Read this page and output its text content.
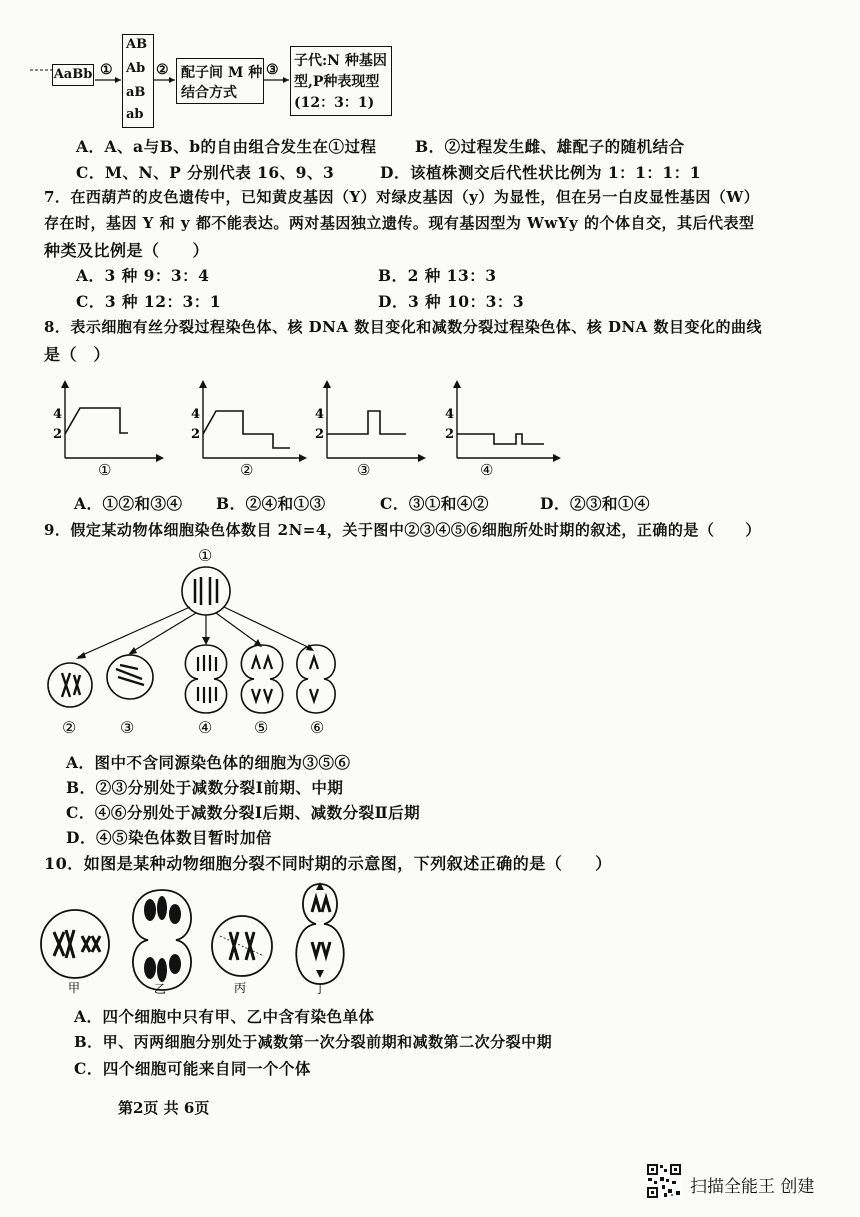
AaBb ①
AB
Ab
aB
ab
② 配子间 M 种
结合方式
③
子代:N 种基因
型,P种表现型
(12：3：1)
A．A、a与B、b的自由组合发生在①过程 B．②过程发生雌、雄配子的随机结合
C．M、N、P 分别代表 16、9、3	D．该植株测交后代性状比例为 1：1：1：1
7．在西葫芦的皮色遗传中，已知黄皮基因（Y）对绿皮基因（y）为显性，但在另一白皮显性基因（W）
存在时，基因 Y 和 y 都不能表达。两对基因独立遗传。现有基因型为 WwYy 的个体自交，其后代表型
种类及比例是（　　）
A．3 种 9：3：4	B．2 种 13：3
C．3 种 12：3：1	D．3 种 10：3：3
8．表示细胞有丝分裂过程染色体、核 DNA 数目变化和减数分裂过程染色体、核 DNA 数目变化的曲线
是（　）
4
2
①
4
2
②
4
2
③
4
2
④
A．①②和③④ B．②④和①③	C．③①和④②	D．②③和①④
9．假定某动物体细胞染色体数目 2N=4，关于图中②③④⑤⑥细胞所处时期的叙述，正确的是（　　）
①
②	③	④	⑤	⑥
A．图中不含同源染色体的细胞为③⑤⑥
B．②③分别处于减数分裂Ⅰ前期、中期
C．④⑥分别处于减数分裂Ⅰ后期、减数分裂Ⅱ后期
D．④⑤染色体数目暂时加倍
10．如图是某种动物细胞分裂不同时期的示意图，下列叙述正确的是（　　）
甲	乙	丙	丁
A．四个细胞中只有甲、乙中含有染色单体
B．甲、丙两细胞分别处于减数第一次分裂前期和减数第二次分裂中期
C．四个细胞可能来自同一个个体
第2页 共 6页
扫描全能王 创建
